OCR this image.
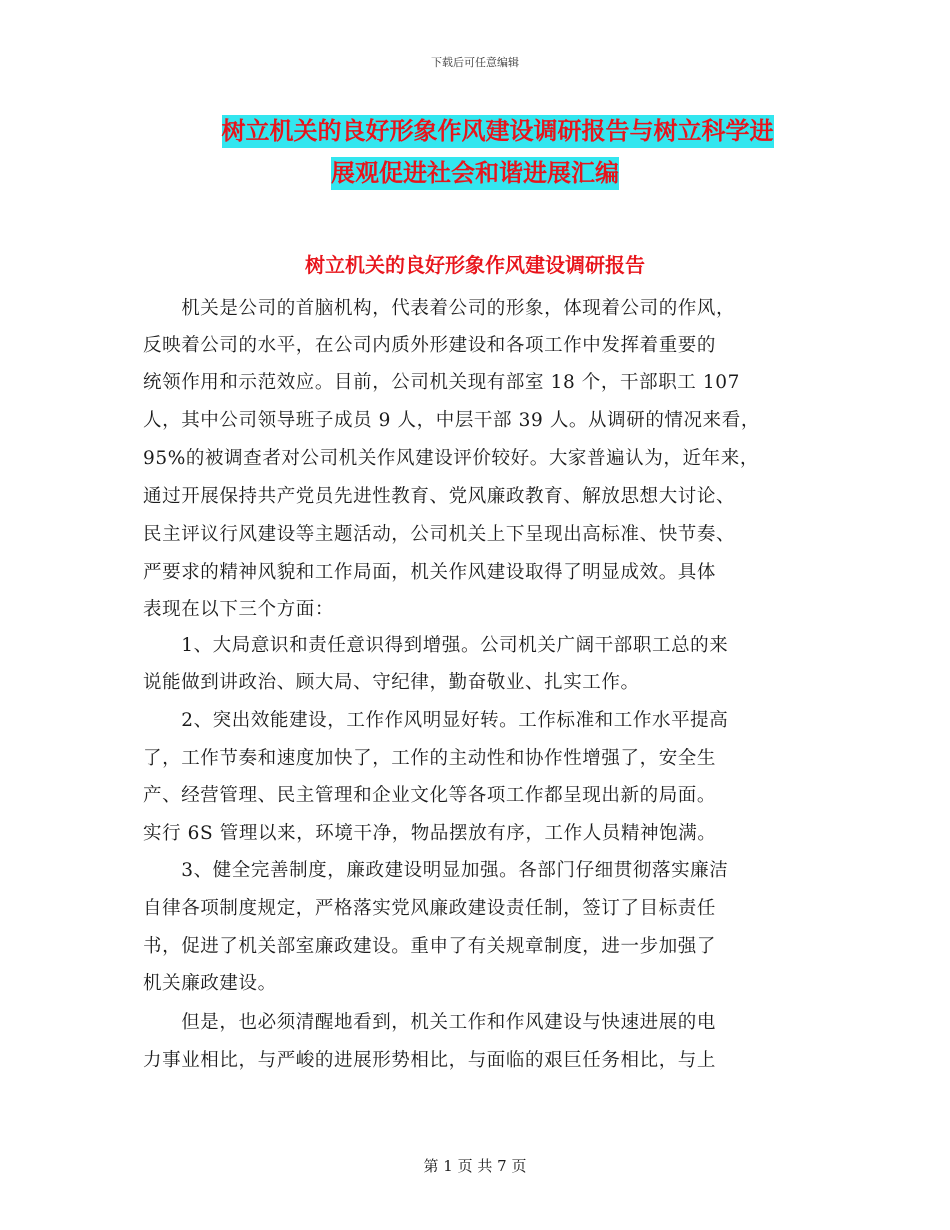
下载后可任意编辑
树立机关的良好形象作风建设调研报告与树立科学进
展观促进社会和谐进展汇编
树立机关的良好形象作风建设调研报告
　　机关是公司的首脑机构，代表着公司的形象，体现着公司的作风，
反映着公司的水平，在公司内质外形建设和各项工作中发挥着重要的
统领作用和示范效应。目前，公司机关现有部室 18 个，干部职工 107
人，其中公司领导班子成员 9 人，中层干部 39 人。从调研的情况来看，
95%的被调查者对公司机关作风建设评价较好。大家普遍认为，近年来，
通过开展保持共产党员先进性教育、党风廉政教育、解放思想大讨论、
民主评议行风建设等主题活动，公司机关上下呈现出高标准、快节奏、
严要求的精神风貌和工作局面，机关作风建设取得了明显成效。具体
表现在以下三个方面：
　　1、大局意识和责任意识得到增强。公司机关广阔干部职工总的来
说能做到讲政治、顾大局、守纪律，勤奋敬业、扎实工作。
　　2、突出效能建设，工作作风明显好转。工作标准和工作水平提高
了，工作节奏和速度加快了，工作的主动性和协作性增强了，安全生
产、经营管理、民主管理和企业文化等各项工作都呈现出新的局面。
实行 6S 管理以来，环境干净，物品摆放有序，工作人员精神饱满。
　　3、健全完善制度，廉政建设明显加强。各部门仔细贯彻落实廉洁
自律各项制度规定，严格落实党风廉政建设责任制，签订了目标责任
书，促进了机关部室廉政建设。重申了有关规章制度，进一步加强了
机关廉政建设。
　　但是，也必须清醒地看到，机关工作和作风建设与快速进展的电
力事业相比，与严峻的进展形势相比，与面临的艰巨任务相比，与上
第 1 页 共 7 页
